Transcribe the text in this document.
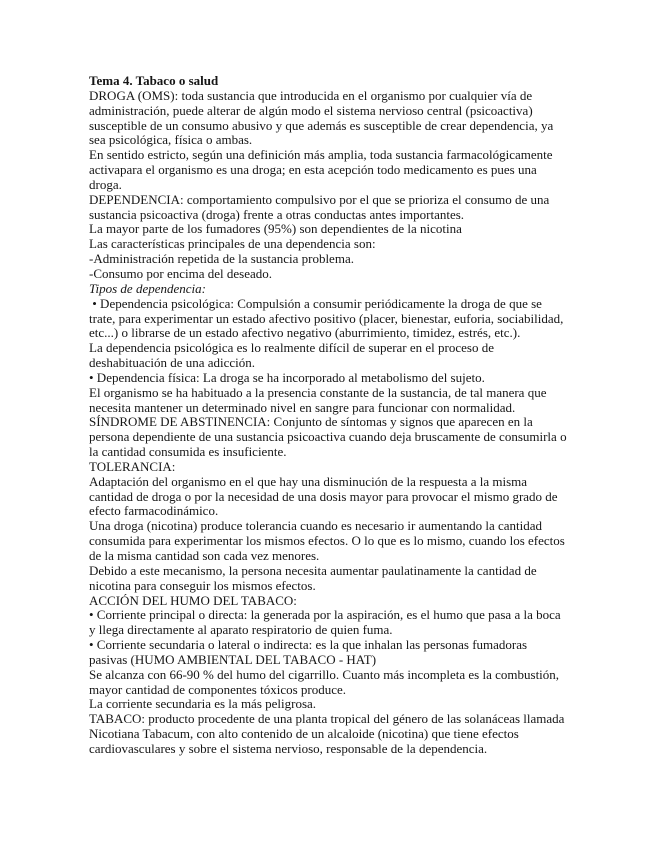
Tema 4. Tabaco o salud
DROGA (OMS): toda sustancia que introducida en el organismo por cualquier vía de
administración, puede alterar de algún modo el sistema nervioso central (psicoactiva)
susceptible de un consumo abusivo y que además es susceptible de crear dependencia, ya
sea psicológica, física o ambas.
En sentido estricto, según una definición más amplia, toda sustancia farmacológicamente
activapara el organismo es una droga; en esta acepción todo medicamento es pues una
droga.
DEPENDENCIA: comportamiento compulsivo por el que se prioriza el consumo de una
sustancia psicoactiva (droga) frente a otras conductas antes importantes.
La mayor parte de los fumadores (95%) son dependientes de la nicotina
Las características principales de una dependencia son:
-Administración repetida de la sustancia problema.
-Consumo por encima del deseado.
Tipos de dependencia:
• Dependencia psicológica: Compulsión a consumir periódicamente la droga de que se
trate, para experimentar un estado afectivo positivo (placer, bienestar, euforia, sociabilidad,
etc...) o librarse de un estado afectivo negativo (aburrimiento, timidez, estrés, etc.).
La dependencia psicológica es lo realmente difícil de superar en el proceso de
deshabituación de una adicción.
• Dependencia física: La droga se ha incorporado al metabolismo del sujeto.
El organismo se ha habituado a la presencia constante de la sustancia, de tal manera que
necesita mantener un determinado nivel en sangre para funcionar con normalidad.
SÍNDROME DE ABSTINENCIA: Conjunto de síntomas y signos que aparecen en la
persona dependiente de una sustancia psicoactiva cuando deja bruscamente de consumirla o
la cantidad consumida es insuficiente.
TOLERANCIA:
Adaptación del organismo en el que hay una disminución de la respuesta a la misma
cantidad de droga o por la necesidad de una dosis mayor para provocar el mismo grado de
efecto farmacodinámico.
Una droga (nicotina) produce tolerancia cuando es necesario ir aumentando la cantidad
consumida para experimentar los mismos efectos. O lo que es lo mismo, cuando los efectos
de la misma cantidad son cada vez menores.
Debido a este mecanismo, la persona necesita aumentar paulatinamente la cantidad de
nicotina para conseguir los mismos efectos.
ACCIÓN DEL HUMO DEL TABACO:
• Corriente principal o directa: la generada por la aspiración, es el humo que pasa a la boca
y llega directamente al aparato respiratorio de quien fuma.
• Corriente secundaria o lateral o indirecta: es la que inhalan las personas fumadoras
pasivas (HUMO AMBIENTAL DEL TABACO - HAT)
Se alcanza con 66-90 % del humo del cigarrillo. Cuanto más incompleta es la combustión,
mayor cantidad de componentes tóxicos produce.
La corriente secundaria es la más peligrosa.
TABACO: producto procedente de una planta tropical del género de las solanáceas llamada
Nicotiana Tabacum, con alto contenido de un alcaloide (nicotina) que tiene efectos
cardiovasculares y sobre el sistema nervioso, responsable de la dependencia.
